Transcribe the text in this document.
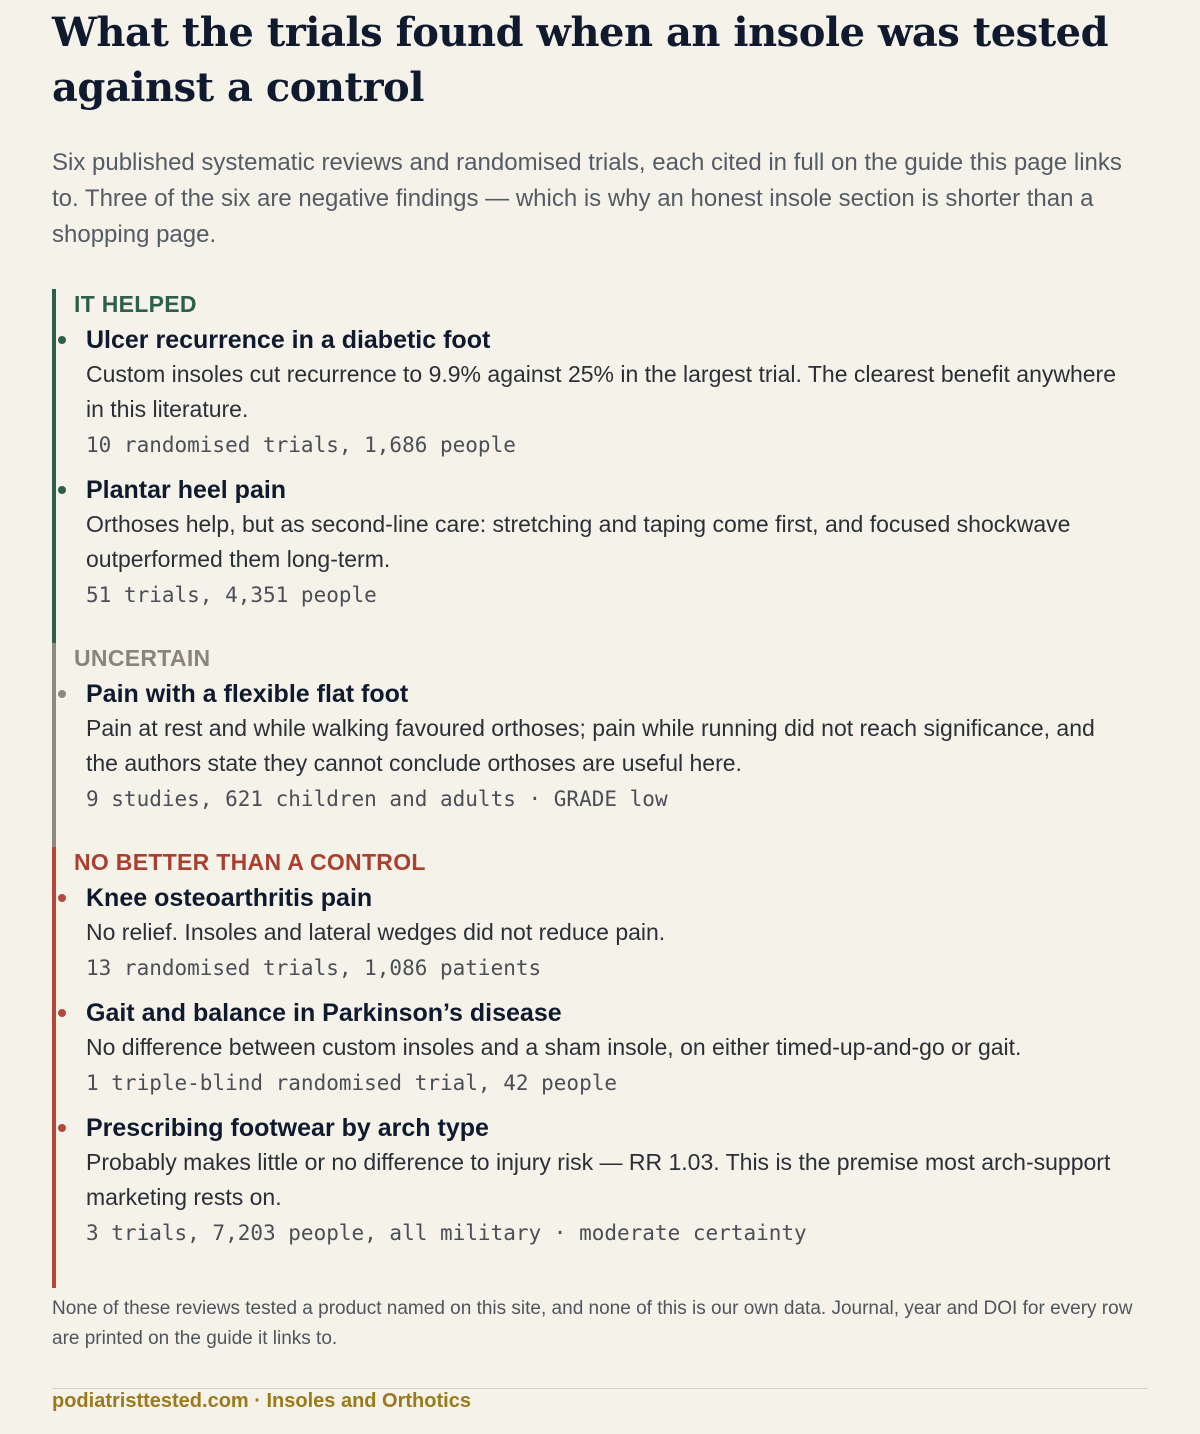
What the trials found when an insole was tested against a control

Six published systematic reviews and randomised trials, each cited in full on the guide this page links to. Three of the six are negative findings — which is why an honest insole section is shorter than a shopping page.

IT HELPED
Ulcer recurrence in a diabetic foot
Custom insoles cut recurrence to 9.9% against 25% in the largest trial. The clearest benefit anywhere in this literature.
10 randomised trials, 1,686 people
Plantar heel pain
Orthoses help, but as second-line care: stretching and taping come first, and focused shockwave outperformed them long-term.
51 trials, 4,351 people
UNCERTAIN
Pain with a flexible flat foot
Pain at rest and while walking favoured orthoses; pain while running did not reach significance, and the authors state they cannot conclude orthoses are useful here.
9 studies, 621 children and adults · GRADE low
NO BETTER THAN A CONTROL
Knee osteoarthritis pain
No relief. Insoles and lateral wedges did not reduce pain.
13 randomised trials, 1,086 patients
Gait and balance in Parkinson’s disease
No difference between custom insoles and a sham insole, on either timed-up-and-go or gait.
1 triple-blind randomised trial, 42 people
Prescribing footwear by arch type
Probably makes little or no difference to injury risk — RR 1.03. This is the premise most arch-support marketing rests on.
3 trials, 7,203 people, all military · moderate certainty

None of these reviews tested a product named on this site, and none of this is our own data. Journal, year and DOI for every row are printed on the guide it links to.

podiatristtested.com · Insoles and Orthotics
